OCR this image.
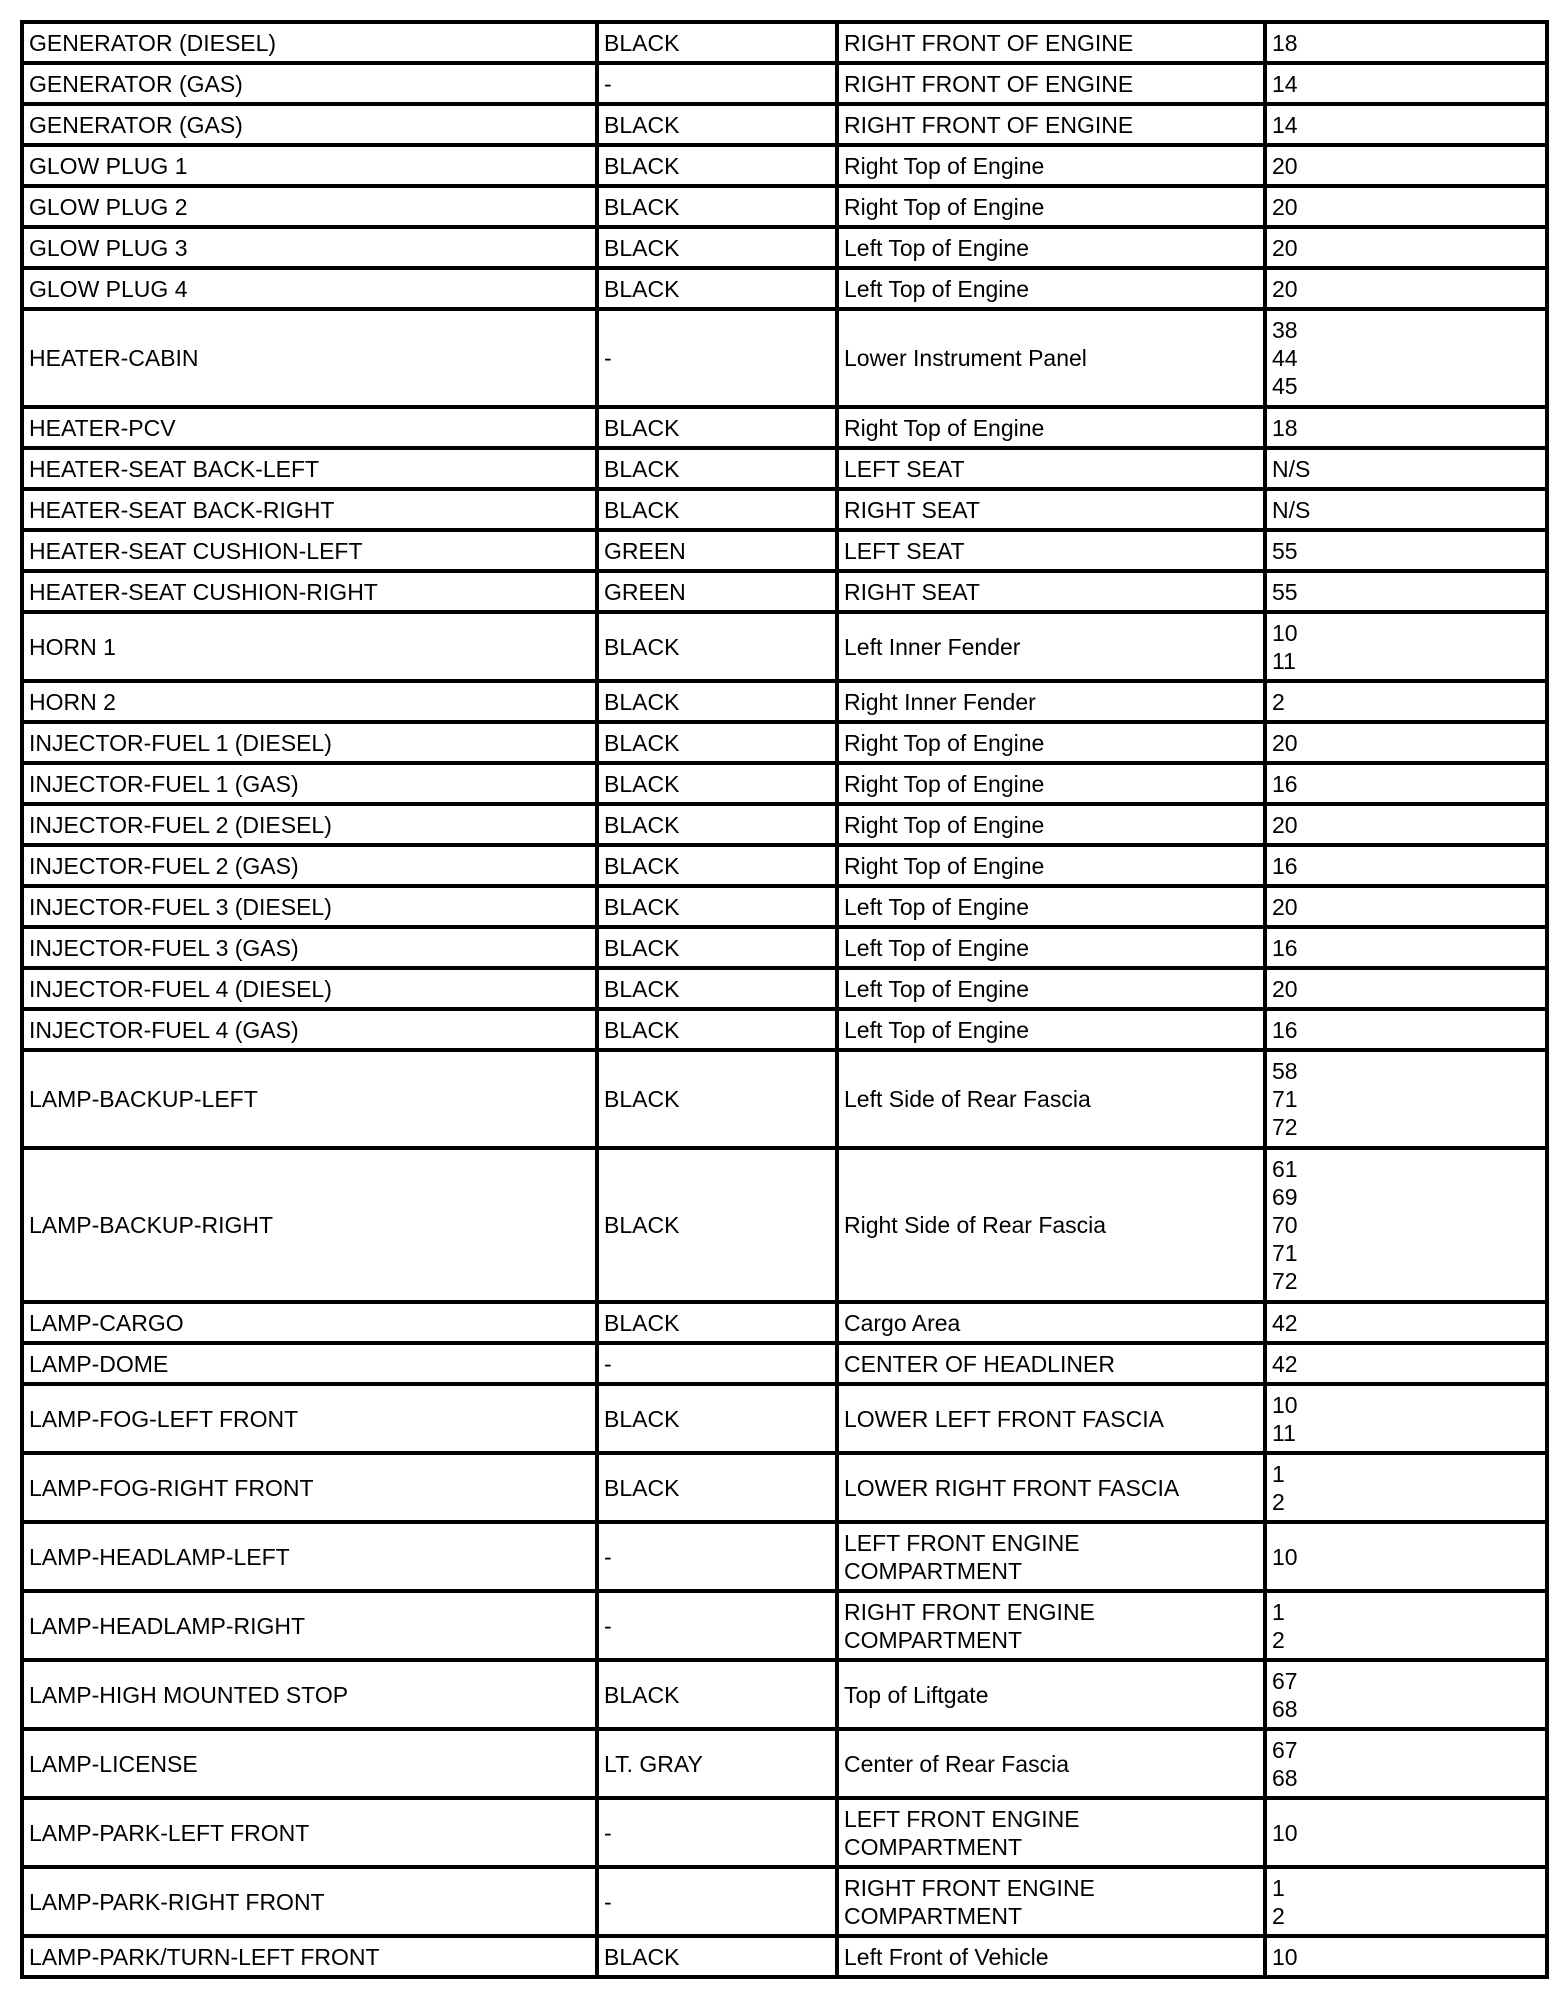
GENERATOR (DIESEL)	BLACK	RIGHT FRONT OF ENGINE	18
GENERATOR (GAS)	-	RIGHT FRONT OF ENGINE	14
GENERATOR (GAS)	BLACK	RIGHT FRONT OF ENGINE	14
GLOW PLUG 1	BLACK	Right Top of Engine	20
GLOW PLUG 2	BLACK	Right Top of Engine	20
GLOW PLUG 3	BLACK	Left Top of Engine	20
GLOW PLUG 4	BLACK	Left Top of Engine	20
HEATER-CABIN	-	Lower Instrument Panel	38
44
45
HEATER-PCV	BLACK	Right Top of Engine	18
HEATER-SEAT BACK-LEFT	BLACK	LEFT SEAT	N/S
HEATER-SEAT BACK-RIGHT	BLACK	RIGHT SEAT	N/S
HEATER-SEAT CUSHION-LEFT	GREEN	LEFT SEAT	55
HEATER-SEAT CUSHION-RIGHT	GREEN	RIGHT SEAT	55
HORN 1	BLACK	Left Inner Fender	10
11
HORN 2	BLACK	Right Inner Fender	2
INJECTOR-FUEL 1 (DIESEL)	BLACK	Right Top of Engine	20
INJECTOR-FUEL 1 (GAS)	BLACK	Right Top of Engine	16
INJECTOR-FUEL 2 (DIESEL)	BLACK	Right Top of Engine	20
INJECTOR-FUEL 2 (GAS)	BLACK	Right Top of Engine	16
INJECTOR-FUEL 3 (DIESEL)	BLACK	Left Top of Engine	20
INJECTOR-FUEL 3 (GAS)	BLACK	Left Top of Engine	16
INJECTOR-FUEL 4 (DIESEL)	BLACK	Left Top of Engine	20
INJECTOR-FUEL 4 (GAS)	BLACK	Left Top of Engine	16
LAMP-BACKUP-LEFT	BLACK	Left Side of Rear Fascia	58
71
72
LAMP-BACKUP-RIGHT	BLACK	Right Side of Rear Fascia	61
69
70
71
72
LAMP-CARGO	BLACK	Cargo Area	42
LAMP-DOME	-	CENTER OF HEADLINER	42
LAMP-FOG-LEFT FRONT	BLACK	LOWER LEFT FRONT FASCIA	10
11
LAMP-FOG-RIGHT FRONT	BLACK	LOWER RIGHT FRONT FASCIA	1
2
LAMP-HEADLAMP-LEFT	-	LEFT FRONT ENGINE
COMPARTMENT	10
LAMP-HEADLAMP-RIGHT	-	RIGHT FRONT ENGINE
COMPARTMENT	1
2
LAMP-HIGH MOUNTED STOP	BLACK	Top of Liftgate	67
68
LAMP-LICENSE	LT. GRAY	Center of Rear Fascia	67
68
LAMP-PARK-LEFT FRONT	-	LEFT FRONT ENGINE
COMPARTMENT	10
LAMP-PARK-RIGHT FRONT	-	RIGHT FRONT ENGINE
COMPARTMENT	1
2
LAMP-PARK/TURN-LEFT FRONT	BLACK	Left Front of Vehicle	10
